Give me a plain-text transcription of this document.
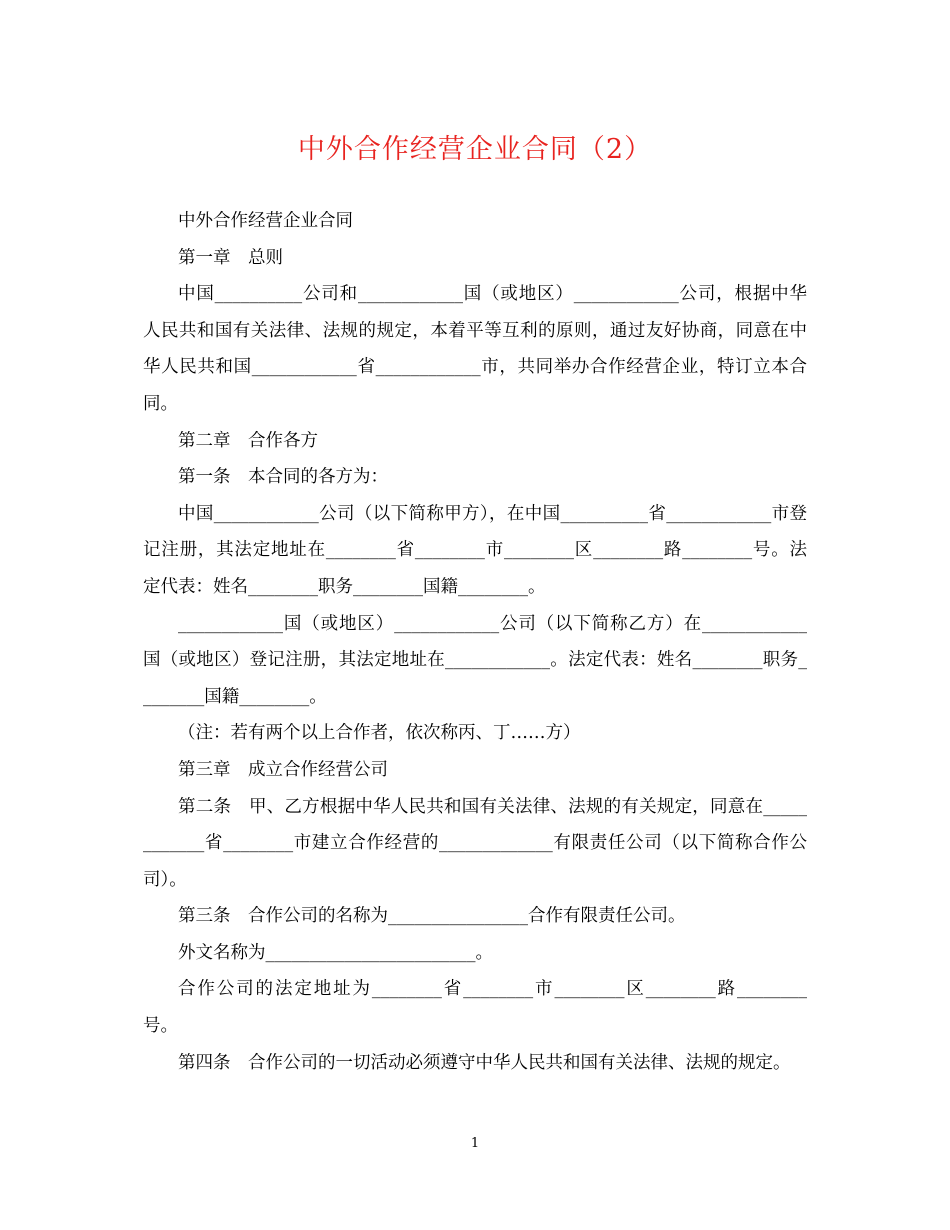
中外合作经营企业合同（2）

中外合作经营企业合同

第一章　总则

中国__________公司和____________国（或地区）____________公司，根据中华人民共和国有关法律、法规的规定，本着平等互利的原则，通过友好协商，同意在中华人民共和国____________省____________市，共同举办合作经营企业，特订立本合同。

第二章　合作各方

第一条　本合同的各方为：

中国____________公司（以下简称甲方），在中国__________省____________市登记注册，其法定地址在________省________市________区________路________号。法定代表：姓名________职务________国籍________。

____________国（或地区）____________公司（以下简称乙方）在____________国（或地区）登记注册，其法定地址在____________。法定代表：姓名________职务________国籍________。

（注：若有两个以上合作者，依次称丙、丁……方）

第三章　成立合作经营公司

第二条　甲、乙方根据中华人民共和国有关法律、法规的有关规定，同意在____________省________市建立合作经营的_____________有限责任公司（以下简称合作公司）。

第三条　合作公司的名称为________________合作有限责任公司。

外文名称为________________________。

合作公司的法定地址为________省________市________区________路________号。

第四条　合作公司的一切活动必须遵守中华人民共和国有关法律、法规的规定。

1
